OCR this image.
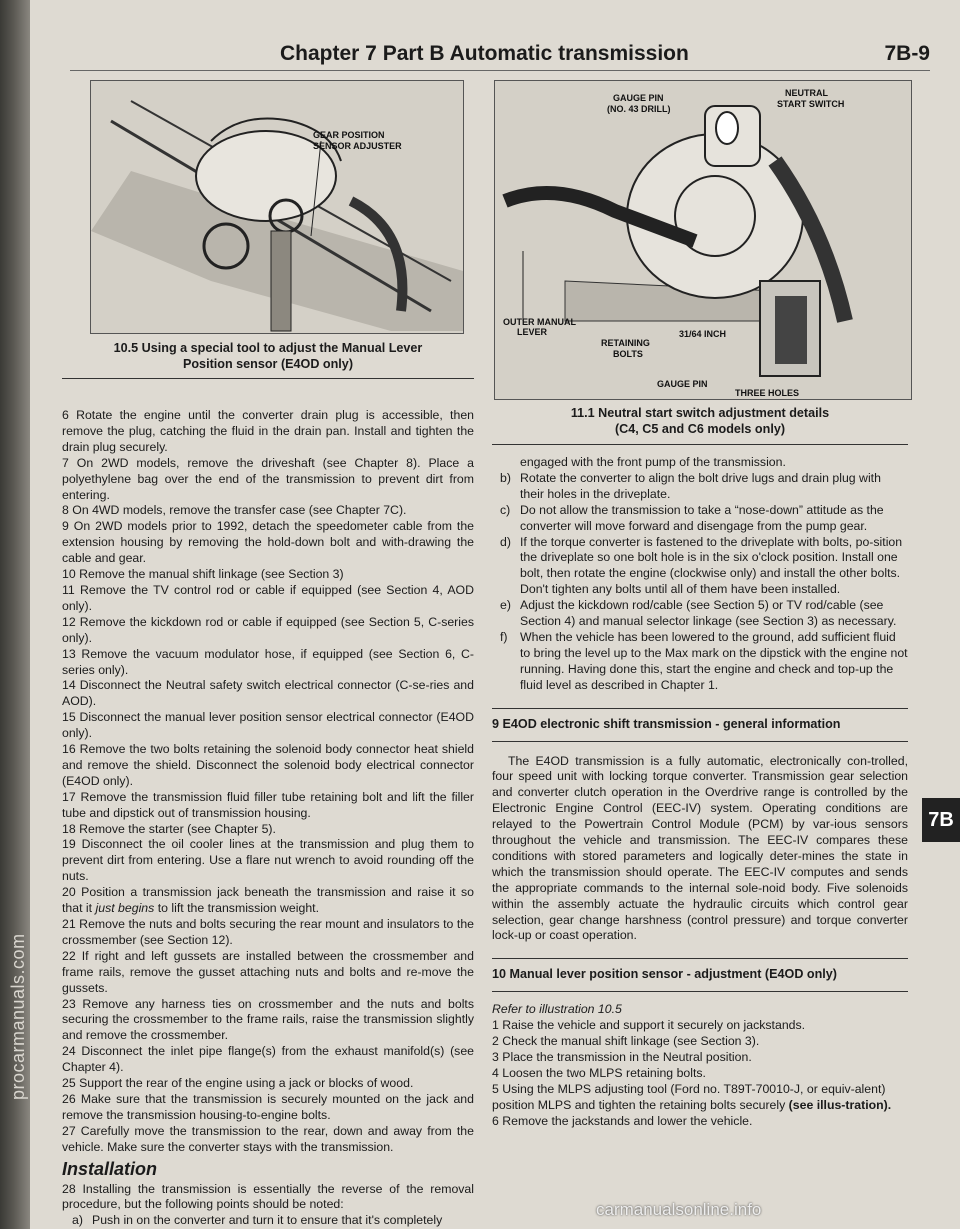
procarmanuals.com
Chapter 7 Part B Automatic transmission	7B-9
7B
GEAR POSITION
SENSOR ADJUSTER
10.5 Using a special tool to adjust the Manual Lever
Position sensor (E4OD only)
GAUGE PIN
(NO. 43 DRILL)
NEUTRAL
START SWITCH
OUTER MANUAL
LEVER
RETAINING
BOLTS
31/64 INCH
GAUGE PIN
THREE HOLES
11.1 Neutral start switch adjustment details
(C4, C5 and C6 models only)

6 Rotate the engine until the converter drain plug is accessible, then remove the plug, catching the fluid in the drain pan. Install and tighten the drain plug securely.

7 On 2WD models, remove the driveshaft (see Chapter 8). Place a polyethylene bag over the end of the transmission to prevent dirt from entering.

8 On 4WD models, remove the transfer case (see Chapter 7C).

9 On 2WD models prior to 1992, detach the speedometer cable from the extension housing by removing the hold-down bolt and with-drawing the cable and gear.

10 Remove the manual shift linkage (see Section 3)

11 Remove the TV control rod or cable if equipped (see Section 4, AOD only).

12 Remove the kickdown rod or cable if equipped (see Section 5, C-series only).

13 Remove the vacuum modulator hose, if equipped (see Section 6, C-series only).

14 Disconnect the Neutral safety switch electrical connector (C-se-ries and AOD).

15 Disconnect the manual lever position sensor electrical connector (E4OD only).

16 Remove the two bolts retaining the solenoid body connector heat shield and remove the shield. Disconnect the solenoid body electrical connector (E4OD only).

17 Remove the transmission fluid filler tube retaining bolt and lift the filler tube and dipstick out of transmission housing.

18 Remove the starter (see Chapter 5).

19 Disconnect the oil cooler lines at the transmission and plug them to prevent dirt from entering. Use a flare nut wrench to avoid rounding off the nuts.

20 Position a transmission jack beneath the transmission and raise it so that it just begins to lift the transmission weight.

21 Remove the nuts and bolts securing the rear mount and insulators to the crossmember (see Section 12).

22 If right and left gussets are installed between the crossmember and frame rails, remove the gusset attaching nuts and bolts and re-move the gussets.

23 Remove any harness ties on crossmember and the nuts and bolts securing the crossmember to the frame rails, raise the transmission slightly and remove the crossmember.

24 Disconnect the inlet pipe flange(s) from the exhaust manifold(s) (see Chapter 4).

25 Support the rear of the engine using a jack or blocks of wood.

26 Make sure that the transmission is securely mounted on the jack and remove the transmission housing-to-engine bolts.

27 Carefully move the transmission to the rear, down and away from the vehicle. Make sure the converter stays with the transmission.

Installation

28 Installing the transmission is essentially the reverse of the removal procedure, but the following points should be noted:

a) Push in on the converter and turn it to ensure that it's completely

engaged with the front pump of the transmission.

b) Rotate the converter to align the bolt drive lugs and drain plug with their holes in the driveplate.
c) Do not allow the transmission to take a “nose-down” attitude as the converter will move forward and disengage from the pump gear.
d) If the torque converter is fastened to the driveplate with bolts, po-sition the driveplate so one bolt hole is in the six o'clock position. Install one bolt, then rotate the engine (clockwise only) and install the other bolts. Don't tighten any bolts until all of them have been installed.
e) Adjust the kickdown rod/cable (see Section 5) or TV rod/cable (see Section 4) and manual selector linkage (see Section 3) as necessary.
f)	When the vehicle has been lowered to the ground, add sufficient fluid to bring the level up to the Max mark on the dipstick with the engine not running. Having done this, start the engine and check and top-up the fluid level as described in Chapter 1.
9 E4OD electronic shift transmission - general information

The E4OD transmission is a fully automatic, electronically con-trolled, four speed unit with locking torque converter. Transmission gear selection and converter clutch operation in the Overdrive range is controlled by the Electronic Engine Control (EEC-IV) system. Operating conditions are relayed to the Powertrain Control Module (PCM) by var-ious sensors throughout the vehicle and transmission. The EEC-IV compares these conditions with stored parameters and logically deter-mines the state in which the transmission should operate. The EEC-IV computes and sends the appropriate commands to the internal sole-noid body. Five solenoids within the assembly actuate the hydraulic circuits which control gear selection, gear change harshness (control pressure) and torque converter lock-up or coast operation.

10 Manual lever position sensor - adjustment (E4OD only)

Refer to illustration 10.5

1 Raise the vehicle and support it securely on jackstands.

2 Check the manual shift linkage (see Section 3).

3 Place the transmission in the Neutral position.

4 Loosen the two MLPS retaining bolts.

5 Using the MLPS adjusting tool (Ford no. T89T-70010-J, or equiv-alent) position MLPS and tighten the retaining bolts securely (see illus-tration).

6 Remove the jackstands and lower the vehicle.

carmanualsonline.info
